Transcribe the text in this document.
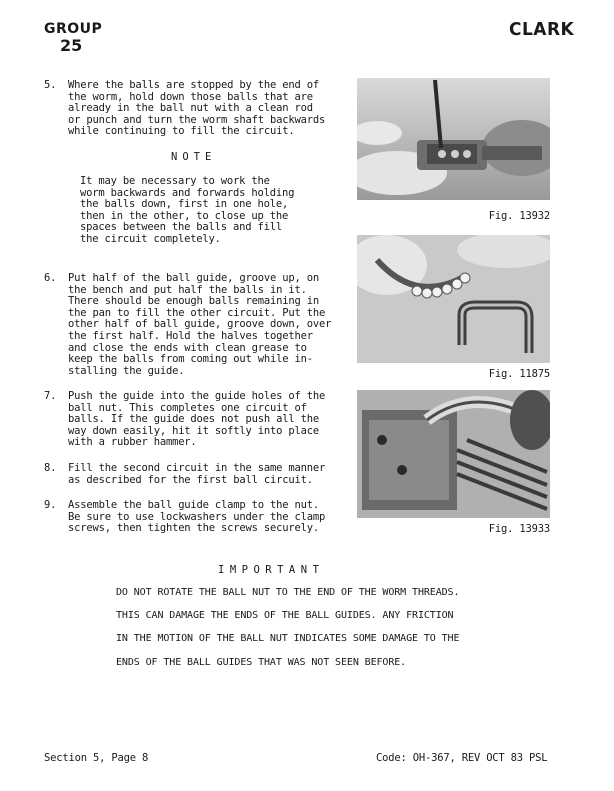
GROUP
25
CLARK
5. Where the balls are stopped by the end of
the worm, hold down those balls that are
already in the ball nut with a clean rod
or punch and turn the worm shaft backwards
while continuing to fill the circuit.
NOTE
It may be necessary to work the
worm backwards and forwards holding
the balls down, first in one hole,
then in the other, to close up the
spaces between the balls and fill
the circuit completely.
6. Put half of the ball guide, groove up, on
the bench and put half the balls in it.
There should be enough balls remaining in
the pan to fill the other circuit. Put the
other half of ball guide, groove down, over
the first half. Hold the halves together
and close the ends with clean grease to
keep the balls from coming out while in-
stalling the guide.
7. Push the guide into the guide holes of the
ball nut. This completes one circuit of
balls. If the guide does not push all the
way down easily, hit it softly into place
with a rubber hammer.
8. Fill the second circuit in the same manner
as described for the first ball circuit.
9. Assemble the ball guide clamp to the nut.
Be sure to use lockwashers under the clamp
screws, then tighten the screws securely.
Fig. 13932
Fig. 11875
Fig. 13933
IMPORTANT
DO NOT ROTATE THE BALL NUT TO THE END OF THE WORM THREADS.
THIS CAN DAMAGE THE ENDS OF THE BALL GUIDES. ANY FRICTION
IN THE MOTION OF THE BALL NUT INDICATES SOME DAMAGE TO THE
ENDS OF THE BALL GUIDES THAT WAS NOT SEEN BEFORE.
Section 5, Page 8	Code: OH-367, REV OCT 83 PSL
